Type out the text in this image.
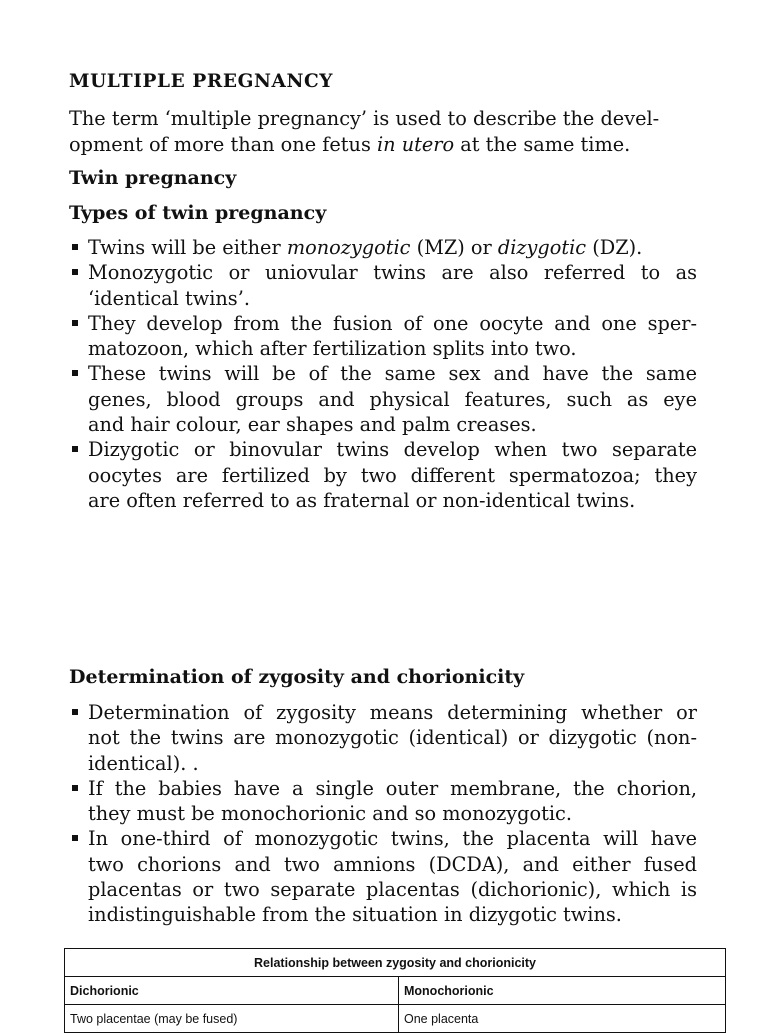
MULTIPLE PREGNANCY
The term ‘multiple pregnancy’ is used to describe the devel-
opment of more than one fetus in utero at the same time.
Twin pregnancy
Types of twin pregnancy
Twins will be either monozygotic (MZ) or dizygotic (DZ).
Monozygotic or uniovular twins are also referred to as
‘identical twins’.
They develop from the fusion of one oocyte and one sper-
matozoon, which after fertilization splits into two.
These twins will be of the same sex and have the same
genes, blood groups and physical features, such as eye
and hair colour, ear shapes and palm creases.
Dizygotic or binovular twins develop when two separate
oocytes are fertilized by two different spermatozoa; they
are often referred to as fraternal or non-identical twins.
Determination of zygosity and chorionicity
Determination of zygosity means determining whether or
not the twins are monozygotic (identical) or dizygotic (non-
identical). .
If the babies have a single outer membrane, the chorion,
they must be monochorionic and so monozygotic.
In one-third of monozygotic twins, the placenta will have
two chorions and two amnions (DCDA), and either fused
placentas or two separate placentas (dichorionic), which is
indistinguishable from the situation in dizygotic twins.
Relationship between zygosity and chorionicity	
Dichorionic	Monochorionic
Two placentae (may be fused)	One placenta
